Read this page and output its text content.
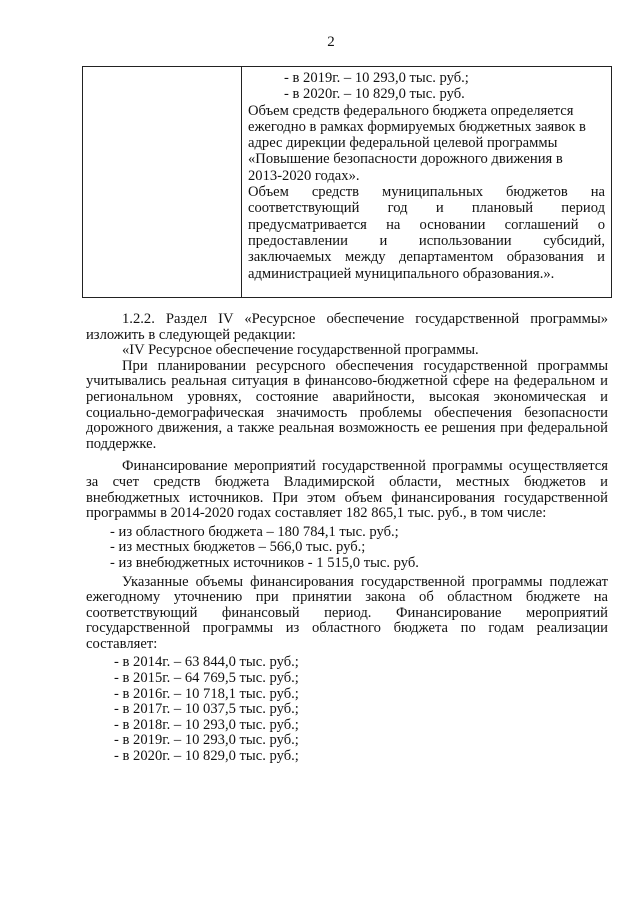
2
- в 2019г. – 10 293,0 тыс. руб.;
- в 2020г. – 10 829,0 тыс. руб.
Объем средств федерального бюджета определяется
ежегодно в рамках формируемых бюджетных заявок в
адрес дирекции федеральной целевой программы
«Повышение безопасности дорожного движения в
2013-2020 годах».
Объем средств муниципальных бюджетов на
соответствующий год и плановый период
предусматривается на основании соглашений о
предоставлении и использовании субсидий,
заключаемых между департаментом образования и
администрацией муниципального образования.».

1.2.2. Раздел IV «Ресурсное обеспечение государственной программы» изложить в следующей редакции:

«IV Ресурсное обеспечение государственной программы.

При планировании ресурсного обеспечения государственной программы учитывались реальная ситуация в финансово-бюджетной сфере на федеральном и региональном уровнях, состояние аварийности, высокая экономическая и социально-демографическая значимость проблемы обеспечения безопасности дорожного движения, а также реальная возможность ее решения при федеральной поддержке.

Финансирование мероприятий государственной программы осуществляется за счет средств бюджета Владимирской области, местных бюджетов и внебюджетных источников. При этом объем финансирования государственной программы в 2014-2020 годах составляет 182 865,1 тыс. руб., в том числе:

- из областного бюджета – 180 784,1 тыс. руб.;
- из местных бюджетов – 566,0 тыс. руб.;
- из внебюджетных источников - 1 515,0 тыс. руб.

Указанные объемы финансирования государственной программы подлежат ежегодному уточнению при принятии закона об областном бюджете на соответствующий финансовый период. Финансирование мероприятий государственной программы из областного бюджета по годам реализации составляет:

- в 2014г. – 63 844,0 тыс. руб.;
- в 2015г. – 64 769,5 тыс. руб.;
- в 2016г. – 10 718,1 тыс. руб.;
- в 2017г. – 10 037,5 тыс. руб.;
- в 2018г. – 10 293,0 тыс. руб.;
- в 2019г. – 10 293,0 тыс. руб.;
- в 2020г. – 10 829,0 тыс. руб.;
